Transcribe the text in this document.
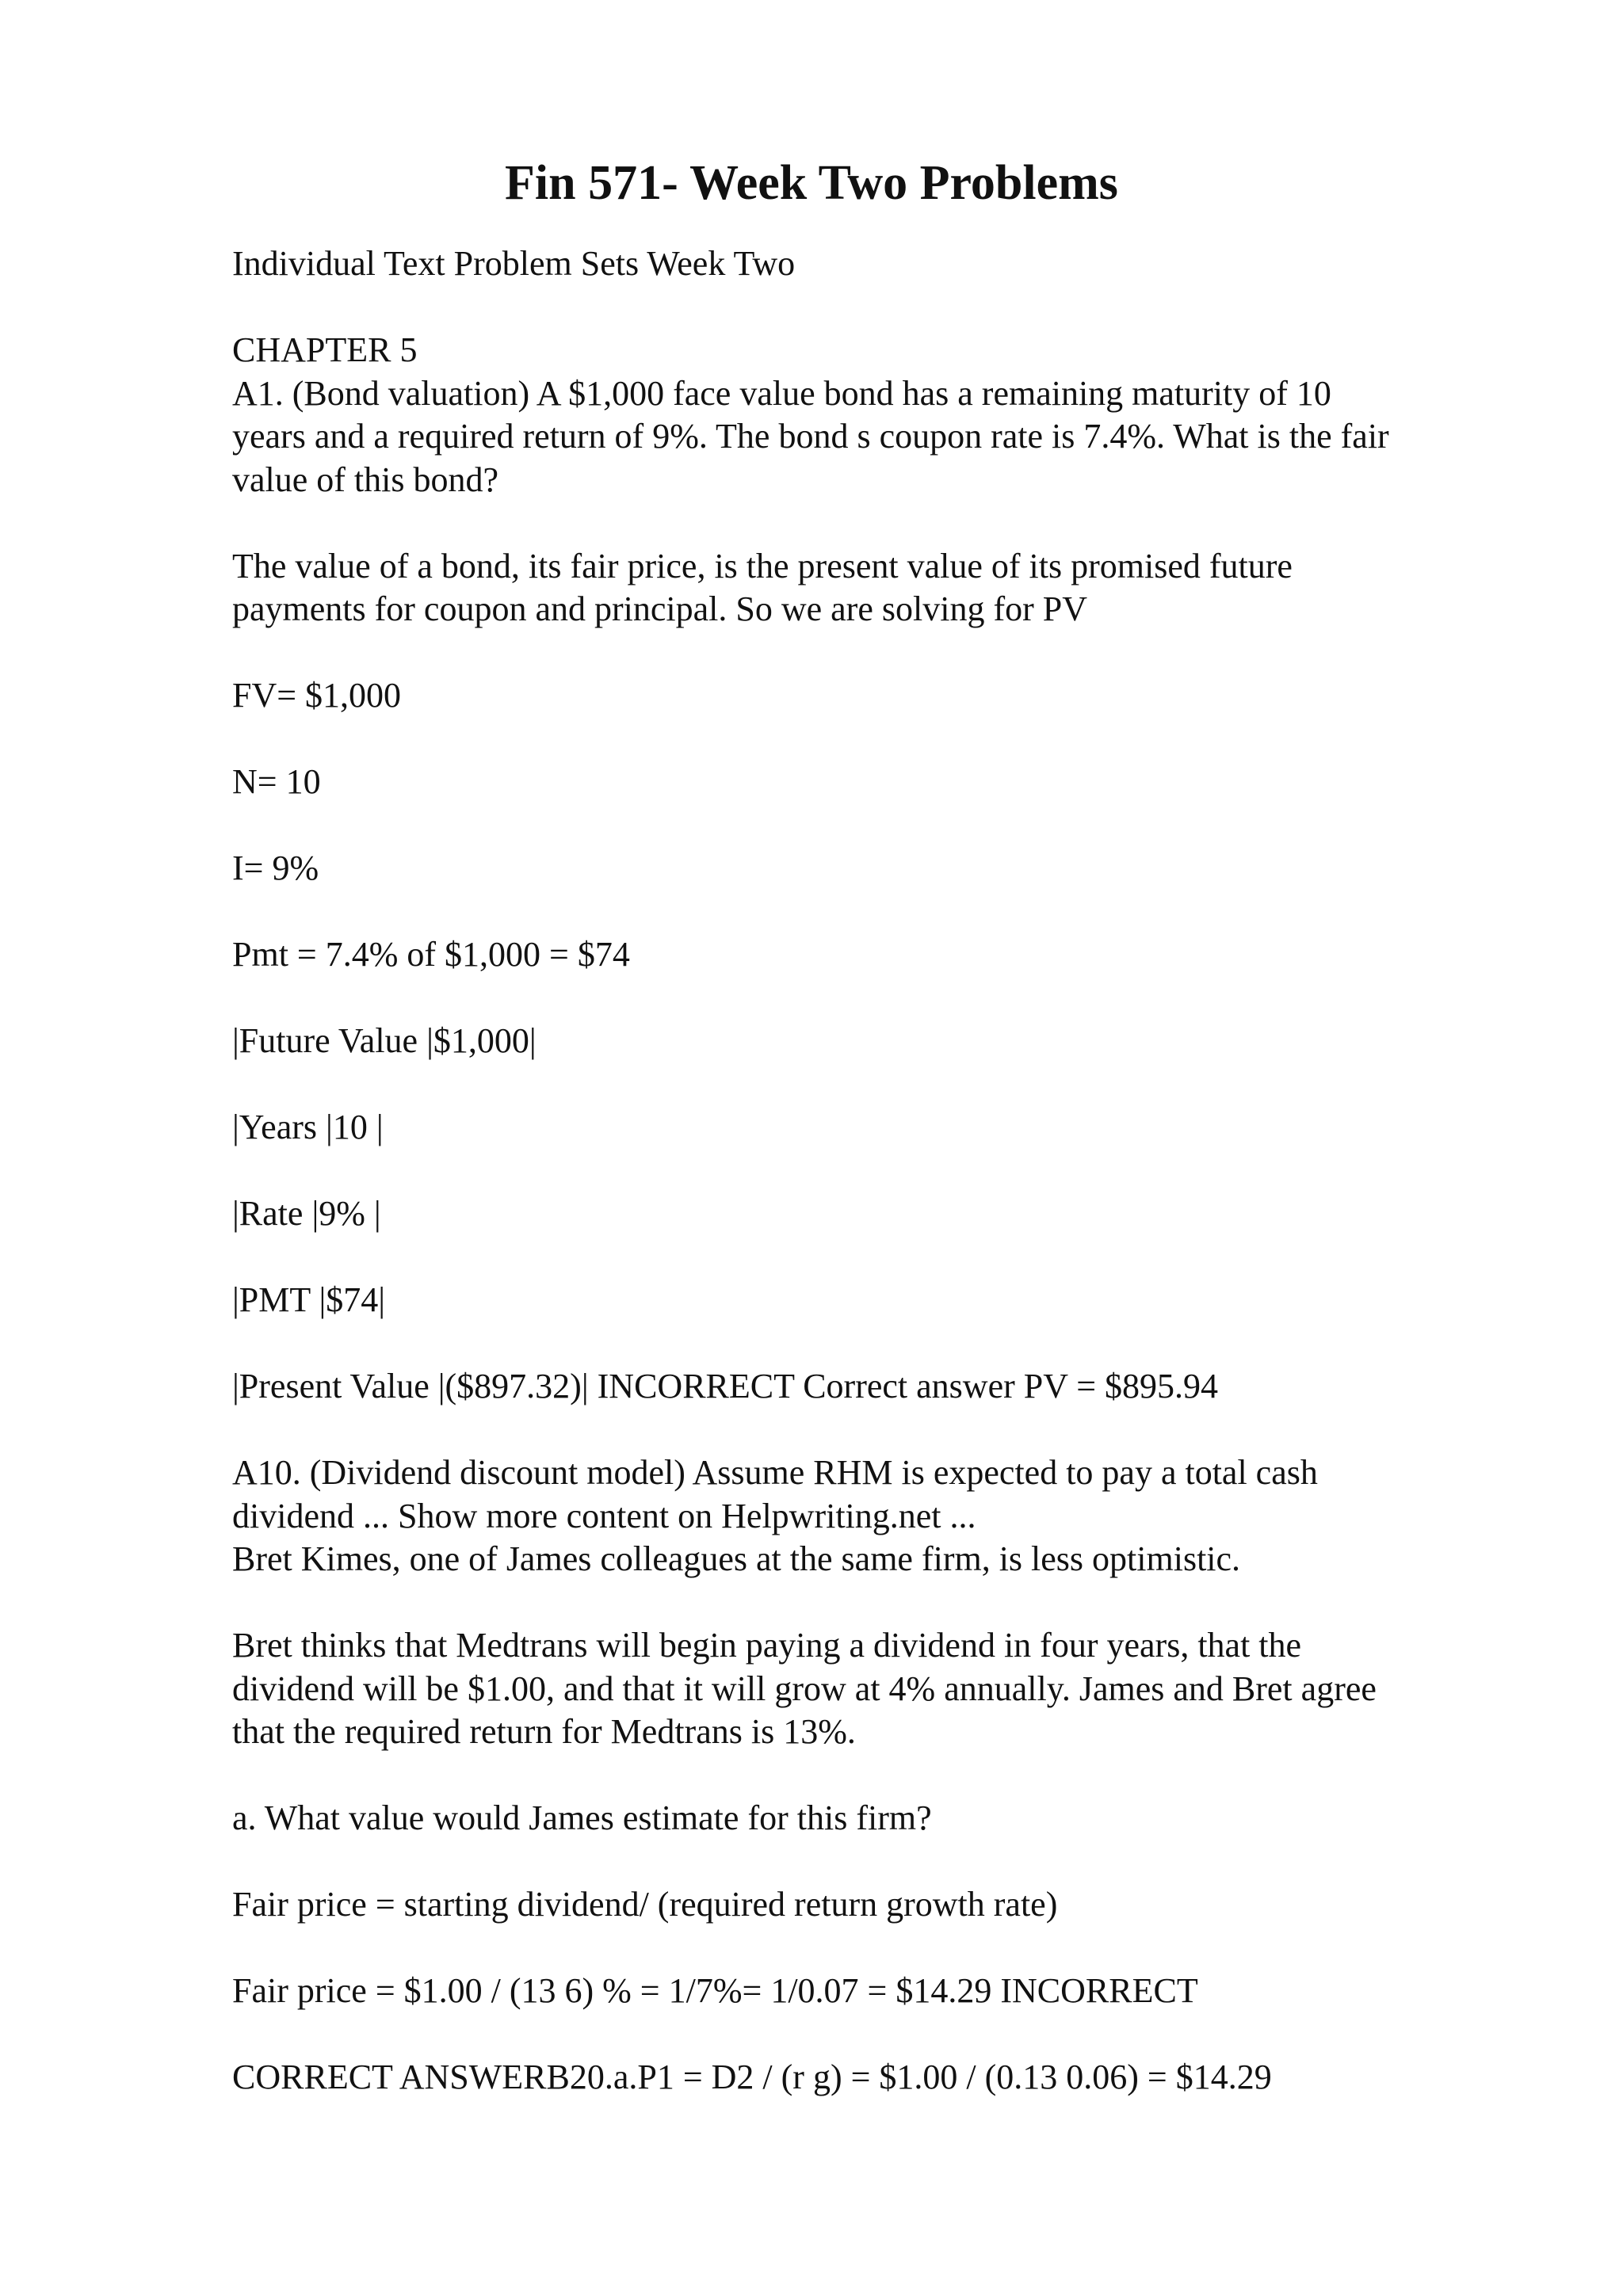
Fin 571- Week Two Problems

Individual Text Problem Sets Week Two

CHAPTER 5
A1. (Bond valuation) A $1,000 face value bond has a remaining maturity of 10
years and a required return of 9%. The bond s coupon rate is 7.4%. What is the fair
value of this bond?

The value of a bond, its fair price, is the present value of its promised future
payments for coupon and principal. So we are solving for PV

FV= $1,000

N= 10

I= 9%

Pmt = 7.4% of $1,000 = $74

|Future Value |$1,000|

|Years |10 |

|Rate |9% |

|PMT |$74|

|Present Value |($897.32)| INCORRECT Correct answer PV = $895.94

A10. (Dividend discount model) Assume RHM is expected to pay a total cash
dividend ... Show more content on Helpwriting.net ...
Bret Kimes, one of James colleagues at the same firm, is less optimistic.

Bret thinks that Medtrans will begin paying a dividend in four years, that the
dividend will be $1.00, and that it will grow at 4% annually. James and Bret agree
that the required return for Medtrans is 13%.

a. What value would James estimate for this firm?

Fair price = starting dividend/ (required return growth rate)

Fair price = $1.00 / (13 6) % = 1/7%= 1/0.07 = $14.29 INCORRECT

CORRECT ANSWERB20.a.P1 = D2 / (r g) = $1.00 / (0.13 0.06) = $14.29
